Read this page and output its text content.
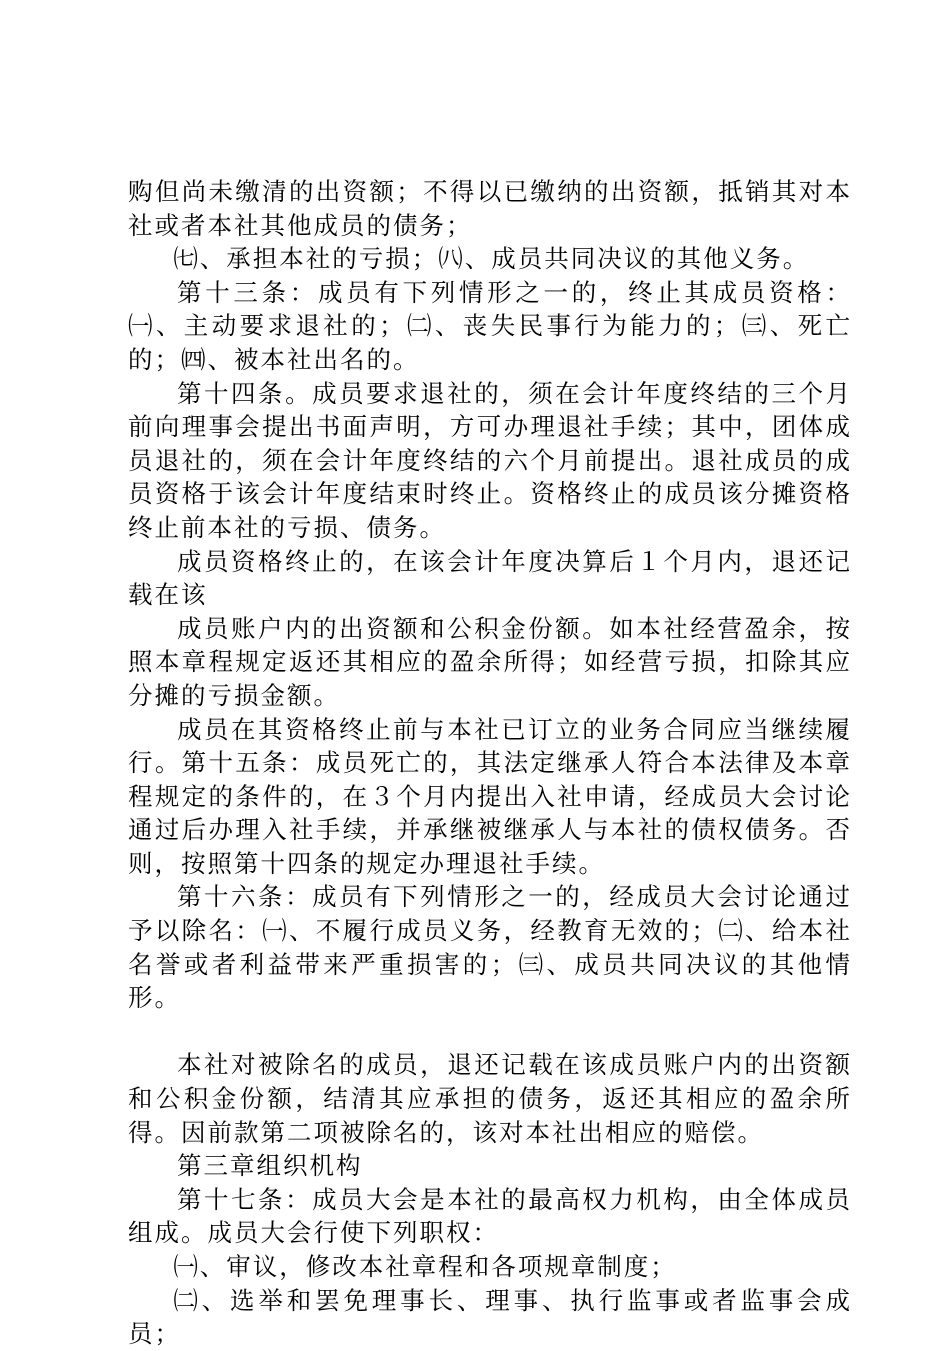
购但尚未缴清的出资额；不得以已缴纳的出资额，抵销其对本社或者本社其他成员的债务；

㈦、承担本社的亏损；㈧、成员共同决议的其他义务。

第十三条：成员有下列情形之一的，终止其成员资格：㈠、主动要求退社的；㈡、丧失民事行为能力的；㈢、死亡的；㈣、被本社出名的。

第十四条。成员要求退社的，须在会计年度终结的三个月前向理事会提出书面声明，方可办理退社手续；其中，团体成员退社的，须在会计年度终结的六个月前提出。退社成员的成员资格于该会计年度结束时终止。资格终止的成员该分摊资格终止前本社的亏损、债务。

成员资格终止的，在该会计年度决算后１个月内，退还记载在该

成员账户内的出资额和公积金份额。如本社经营盈余，按照本章程规定返还其相应的盈余所得；如经营亏损，扣除其应分摊的亏损金额。

成员在其资格终止前与本社已订立的业务合同应当继续履行。第十五条：成员死亡的，其法定继承人符合本法律及本章程规定的条件的，在３个月内提出入社申请，经成员大会讨论通过后办理入社手续，并承继被继承人与本社的债权债务。否则，按照第十四条的规定办理退社手续。

第十六条：成员有下列情形之一的，经成员大会讨论通过予以除名：㈠、不履行成员义务，经教育无效的；㈡、给本社名誉或者利益带来严重损害的；㈢、成员共同决议的其他情形。

本社对被除名的成员，退还记载在该成员账户内的出资额和公积金份额，结清其应承担的债务，返还其相应的盈余所得。因前款第二项被除名的，该对本社出相应的赔偿。

第三章组织机构

第十七条：成员大会是本社的最高权力机构，由全体成员组成。成员大会行使下列职权：

㈠、审议，修改本社章程和各项规章制度；

㈡、选举和罢免理事长、理事、执行监事或者监事会成员；
